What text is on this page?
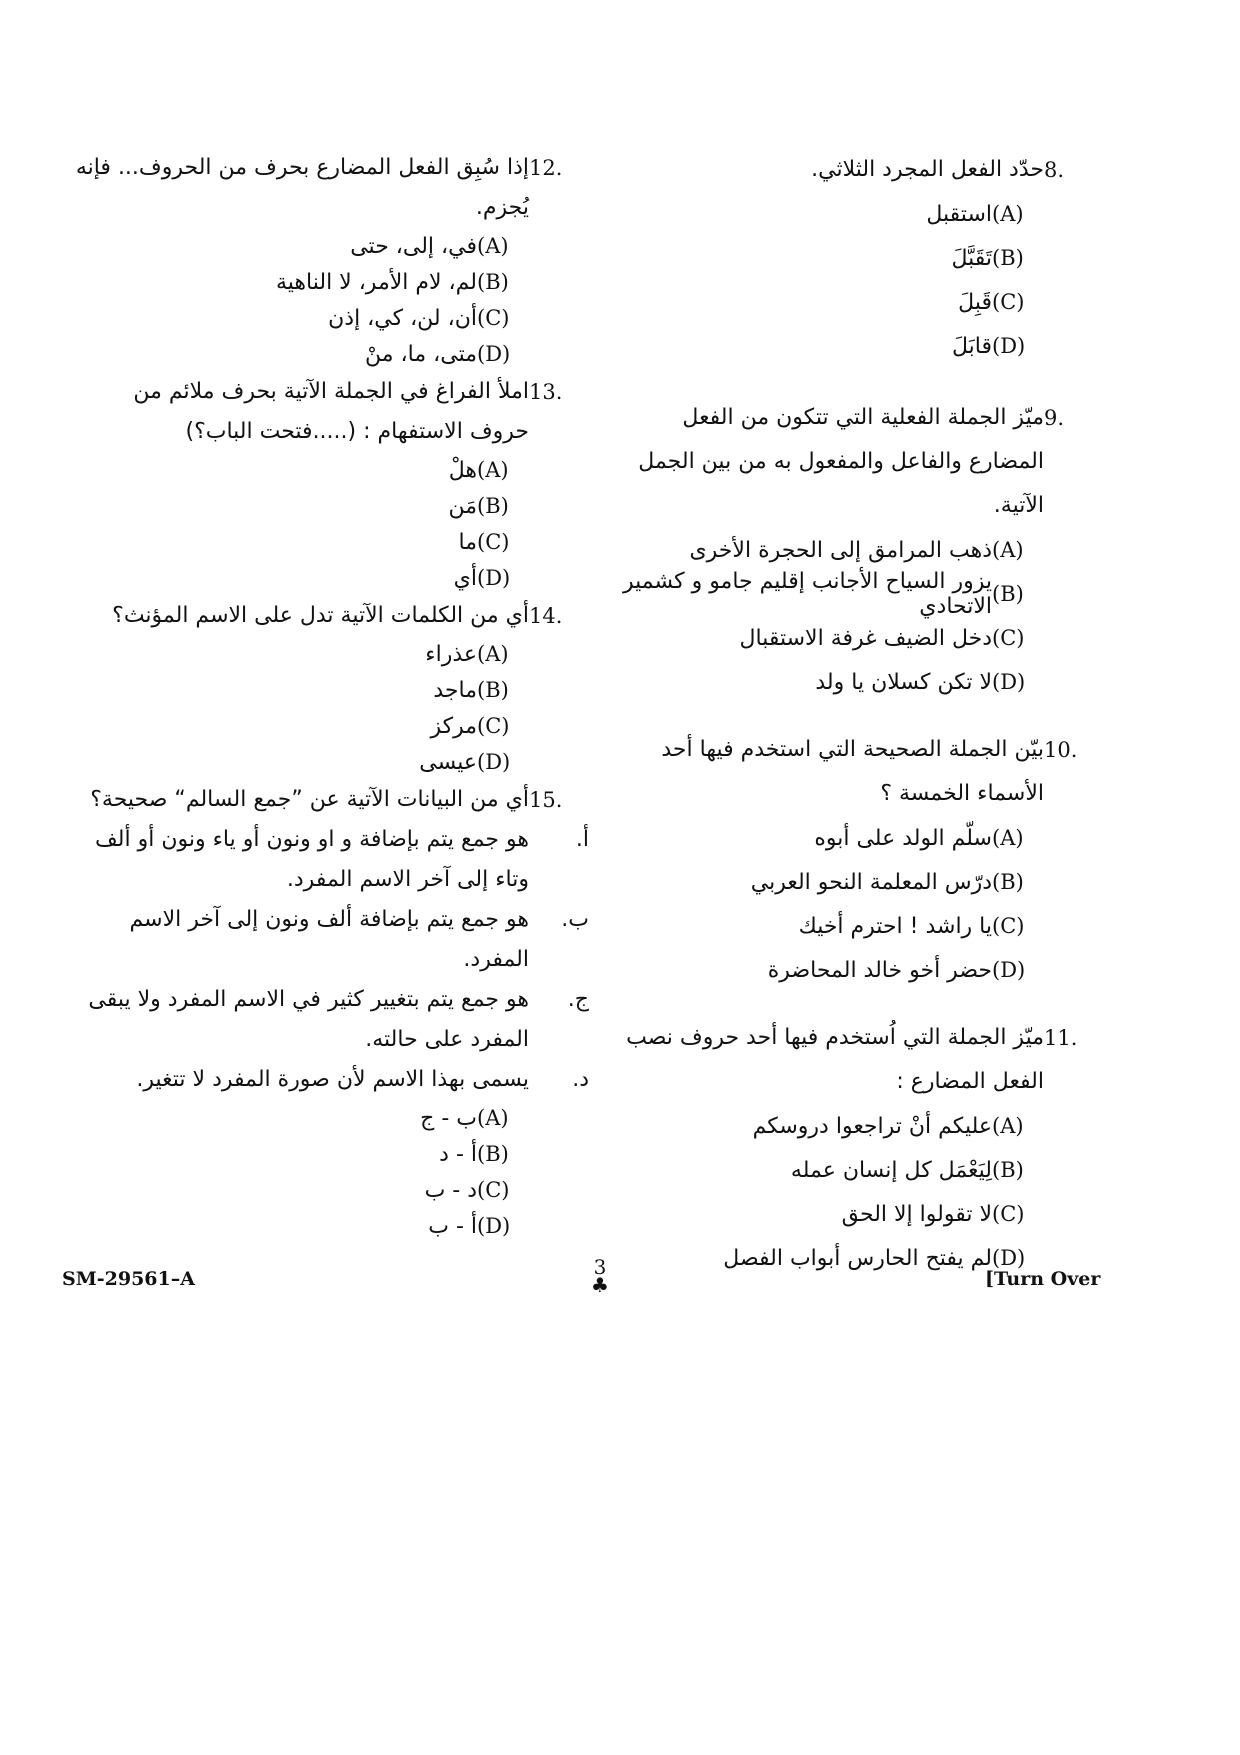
8.
حدّد الفعل المجرد الثلاثي.
(A)
استقبل
(B)
تَقَبَّلَ
(C)
قَبِلَ
(D)
قابَلَ
9.
ميّز الجملة الفعلية التي تتكون من الفعل المضارع والفاعل والمفعول به من بين الجمل الآتية.
(A)
ذهب المرامق إلى الحجرة الأخرى
(B)
يزور السياح الأجانب إقليم جامو و كشمير الاتحادي
(C)
دخل الضيف غرفة الاستقبال
(D)
لا تكن كسلان يا ولد
10.
بيّن الجملة الصحيحة التي استخدم فيها أحد الأسماء الخمسة ؟
(A)
سلّم الولد على أبوه
(B)
درّس المعلمة النحو العربي
(C)
يا راشد ! احترم أخيك
(D)
حضر أخو خالد المحاضرة
11.
ميّز الجملة التي اُستخدم فيها أحد حروف نصب الفعل المضارع :
(A)
عليكم أنْ تراجعوا دروسكم
(B)
لِيَعْمَل كل إنسان عمله
(C)
لا تقولوا إلا الحق
(D)
لم يفتح الحارس أبواب الفصل
12.
إذا سُبِق الفعل المضارع بحرف من الحروف... فإنه يُجزم.
(A)
في، إلى، حتى
(B)
لم، لام الأمر، لا الناهية
(C)
أن، لن، كي، إذن
(D)
متى، ما، منْ
13.
املأ الفراغ في الجملة الآتية بحرف ملائم من حروف الاستفهام : (.....فتحت الباب؟)
(A)
هلْ
(B)
مَن
(C)
ما
(D)
أي
14.
أي من الكلمات الآتية تدل على الاسم المؤنث؟
(A)
عذراء
(B)
ماجد
(C)
مركز
(D)
عيسى
15.
أي من البيانات الآتية عن ”جمع السالم“ صحيحة؟
أ.
هو جمع يتم بإضافة و او ونون أو ياء ونون أو ألف وتاء إلى آخر الاسم المفرد.
ب.
هو جمع يتم بإضافة ألف ونون إلى آخر الاسم المفرد.
ج.
هو جمع يتم بتغيير كثير في الاسم المفرد ولا يبقى المفرد على حالته.
د.
يسمى بهذا الاسم لأن صورة المفرد لا تتغير.
(A)
ب - ج
(B)
أ - د
(C)
د - ب
(D)
أ - ب
SM-29561–A	3
♣	[Turn Over
